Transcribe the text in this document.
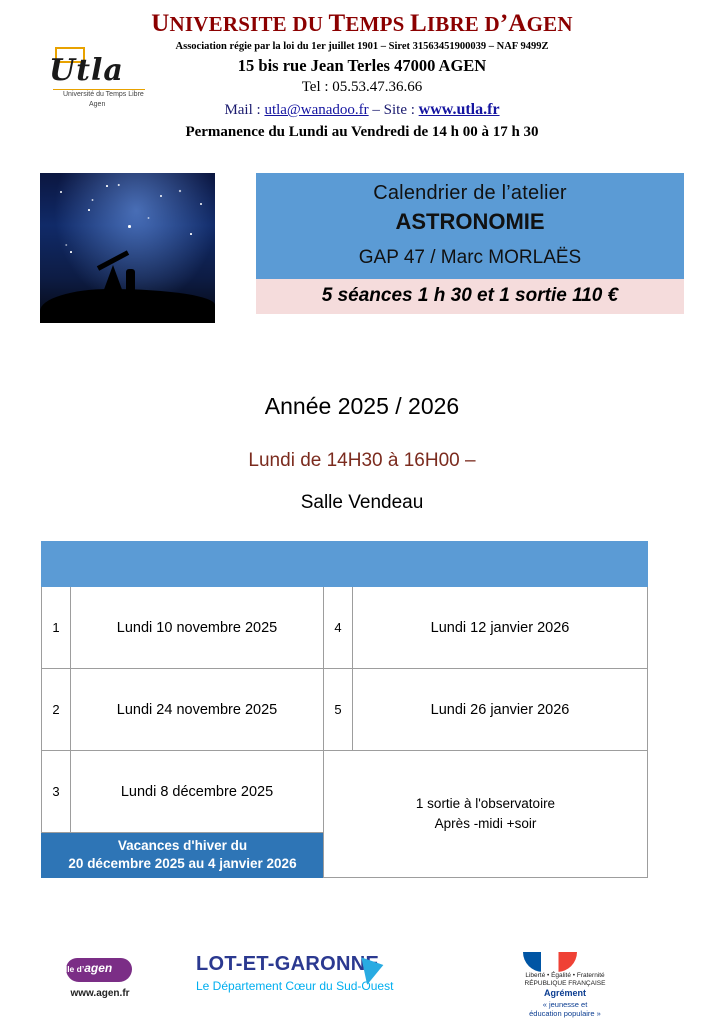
UNIVERSITE DU TEMPS LIBRE D’AGEN
Association régie par la loi du 1er juillet 1901 – Siret 31563451900039 – NAF 9499Z
15 bis rue Jean Terles 47000 AGEN
Tel : 05.53.47.36.66
Mail : utla@wanadoo.fr – Site : www.utla.fr
Permanence du Lundi au Vendredi de 14 h 00 à 17 h 30
Utla
Université du Temps Libre
Agen
Calendrier de l’atelier
ASTRONOMIE
GAP 47 / Marc MORLAËS
5 séances 1 h 30 et 1 sortie 110 €
Année 2025 / 2026
Lundi de 14H30 à 16H00 –
Salle Vendeau

1	Lundi 10 novembre 2025	4	Lundi 12 janvier 2026
2	Lundi 24 novembre 2025	5	Lundi 26 janvier 2026
3	Lundi 8 décembre 2025	1 sortie à l'observatoire
Après -midi +soir	

Vacances d'hiver du
20 décembre 2025 au 4 janvier 2026			
ville d’agen
www.agen.fr
LOT-ET-GARONNE
Le Département Cœur du Sud-Ouest
Liberté • Égalité • Fraternité
RÉPUBLIQUE FRANÇAISE
Agrément
« jeunesse et
éducation populaire »
